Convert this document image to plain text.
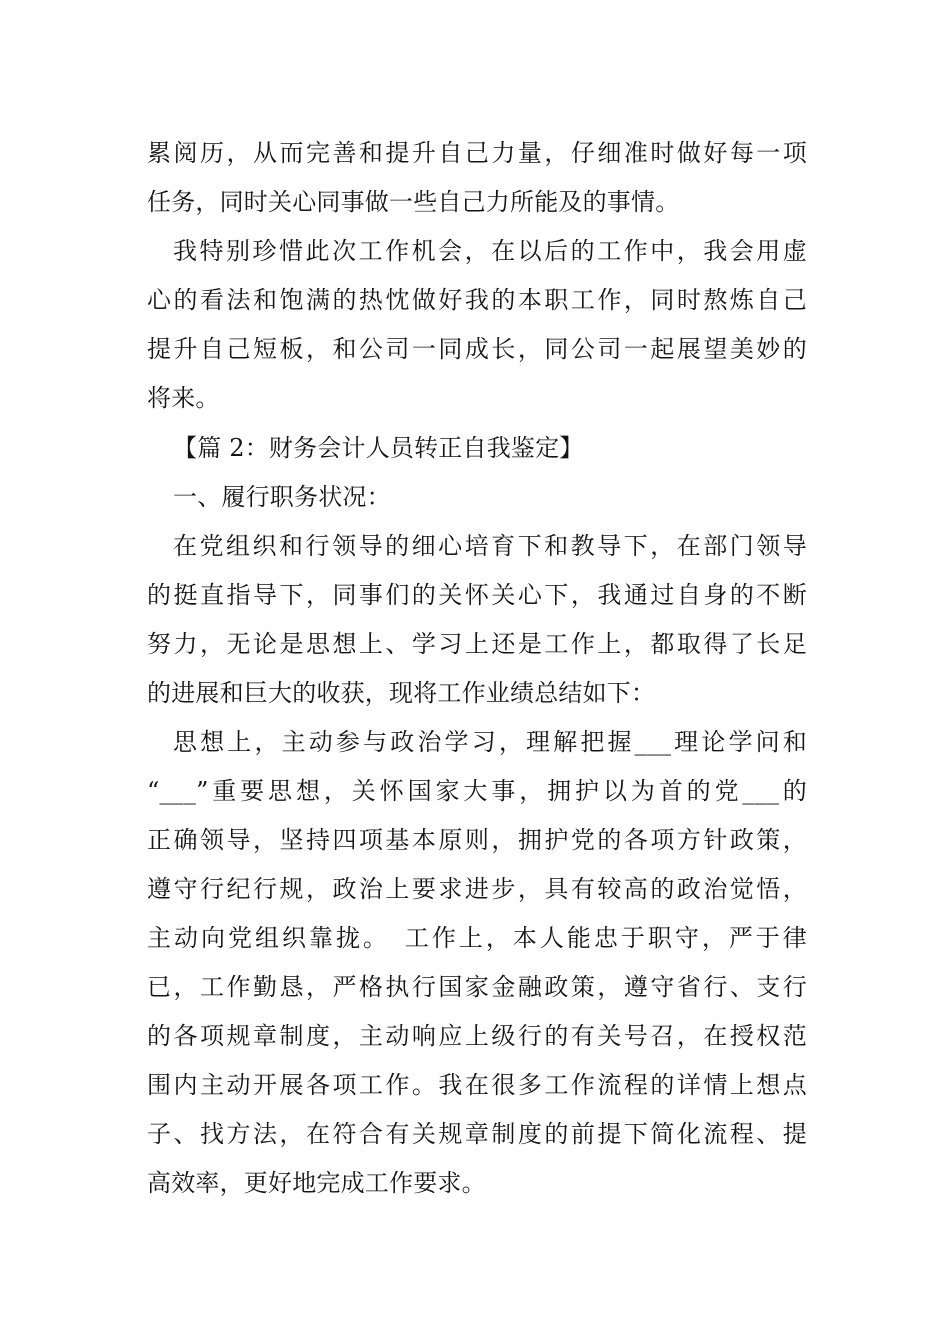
累阅历，从而完善和提升自己力量，仔细准时做好每一项
任务，同时关心同事做一些自己力所能及的事情。
我特别珍惜此次工作机会，在以后的工作中，我会用虚
心的看法和饱满的热忱做好我的本职工作，同时熬炼自己
提升自己短板，和公司一同成长，同公司一起展望美妙的
将来。
【篇 2：财务会计人员转正自我鉴定】
一、履行职务状况：
在党组织和行领导的细心培育下和教导下，在部门领导
的挺直指导下，同事们的关怀关心下，我通过自身的不断
努力，无论是思想上、学习上还是工作上，都取得了长足
的进展和巨大的收获，现将工作业绩总结如下：
思想上，主动参与政治学习，理解把握___理论学问和
“___”重要思想，关怀国家大事，拥护以为首的党___的
正确领导，坚持四项基本原则，拥护党的各项方针政策，
遵守行纪行规，政治上要求进步，具有较高的政治觉悟，
主动向党组织靠拢。　工作上，本人能忠于职守，严于律
已，工作勤恳，严格执行国家金融政策，遵守省行、支行
的各项规章制度，主动响应上级行的有关号召，在授权范
围内主动开展各项工作。我在很多工作流程的详情上想点
子、找方法，在符合有关规章制度的前提下简化流程、提
高效率，更好地完成工作要求。
